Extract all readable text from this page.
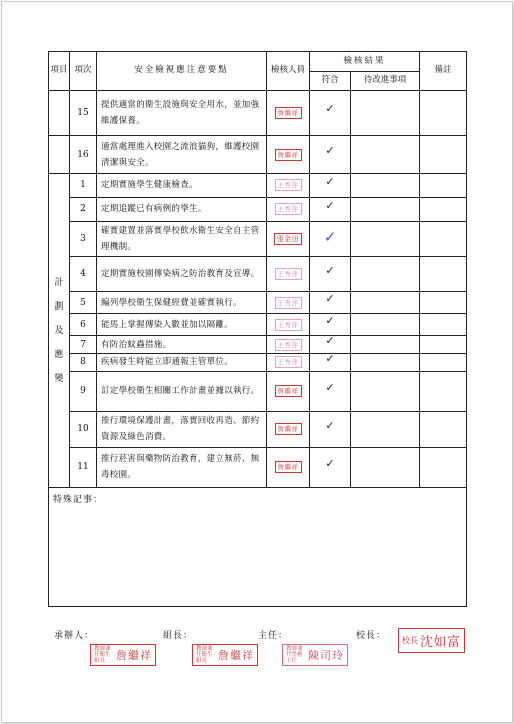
項目	項次	安全檢視應注意要點	檢核人員	檢核結果		備註
				符合	待改進事項	
	15	提供適當的衛生設施與安全用水，並加強維護保養。	詹繼祥	✓		

	16	適當處理進入校園之流浪貓狗，維護校園清潔與安全。	詹繼祥	✓		

計
劃
及
應
變	1	定期實施學生健康檢查。	王秀萍	✓		

	2	定期追蹤已有病例的學生。	王秀萍	✓		

	3	確實建置並落實學校飲水衛生安全自主管理機制。	張金田	✓		

	4	定期實施校園傳染病之防治教育及宣導。	王秀萍	✓		

	5	編列學校衛生保健經費並確實執行。	王秀萍	✓		

	6	能馬上掌握傳染人數並加以隔離。	王秀萍	✓		

	7	有防治蚊蟲措施。	王秀萍	✓		

	8	疾病發生時能立即通報主管單位。	王秀萍	✓		

	9	訂定學校衛生相關工作計畫並據以執行。	詹繼祥	✓		

	10	推行環境保護計畫，落實回收再造、節約資源及綠色消費。	詹繼祥	✓		

	11	推行菸害與藥物防治教育，建立無菸、無毒校園。	詹繼祥	✓		

特殊記事：						
承辦人：	組長：	主任：	校長：
教師兼任衛生組長 詹繼祥	教師兼任衛生組長 詹繼祥	教師兼代學務主任 陳司玲
校長 沈如富
